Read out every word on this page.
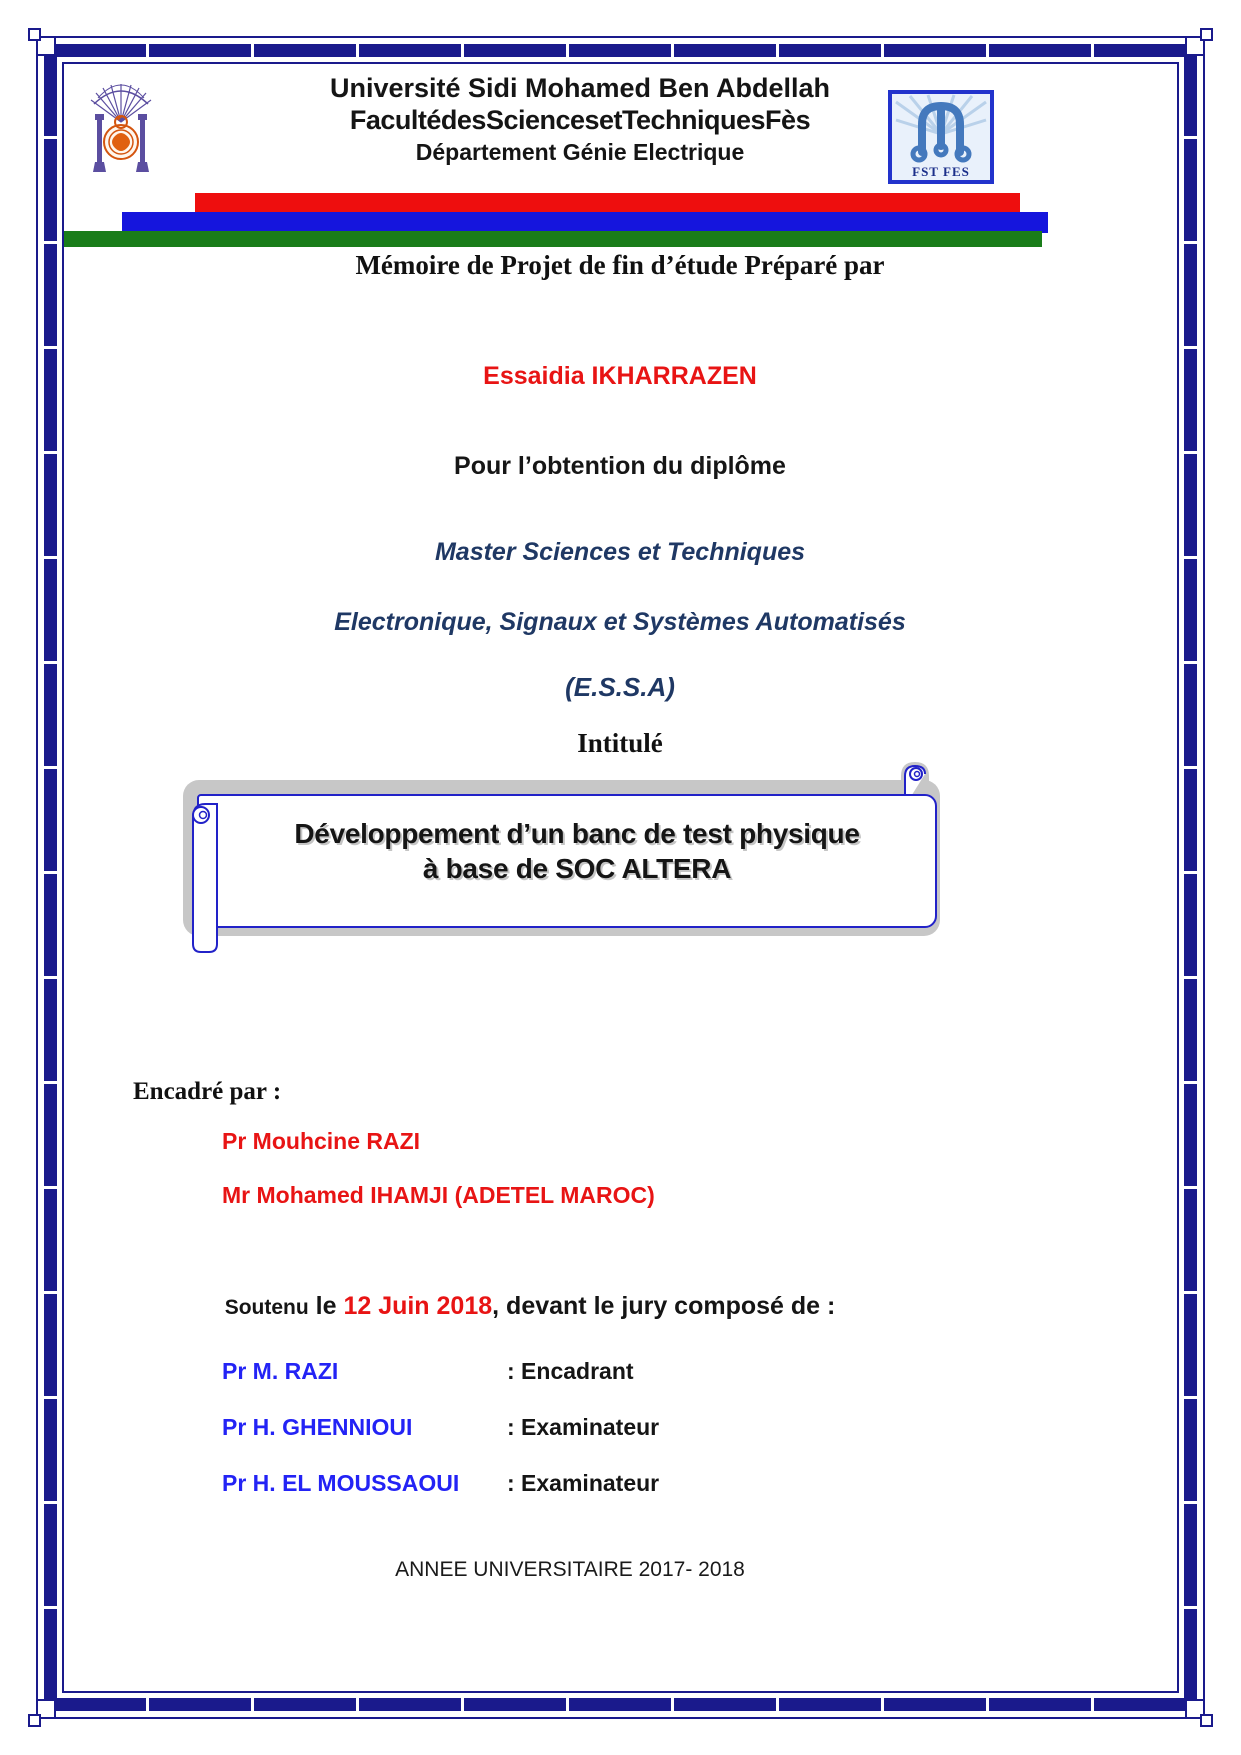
Université Sidi Mohamed Ben Abdellah
FacultédesSciencesetTechniquesFès
Département Génie Electrique
FST FES
Mémoire de Projet de fin d’étude Préparé par
Essaidia IKHARRAZEN
Pour l’obtention du diplôme
Master Sciences et Techniques
Electronique, Signaux et Systèmes Automatisés
(E.S.S.A)
Intitulé
Développement d’un banc de test physique
à base de SOC ALTERA
Encadré par :
Pr Mouhcine RAZI
Mr Mohamed IHAMJI (ADETEL MAROC)
Soutenu le 12 Juin 2018, devant le jury composé de :
Pr M. RAZI	: Encadrant
Pr H. GHENNIOUI	: Examinateur
Pr H. EL MOUSSAOUI	: Examinateur
ANNEE UNIVERSITAIRE 2017- 2018
